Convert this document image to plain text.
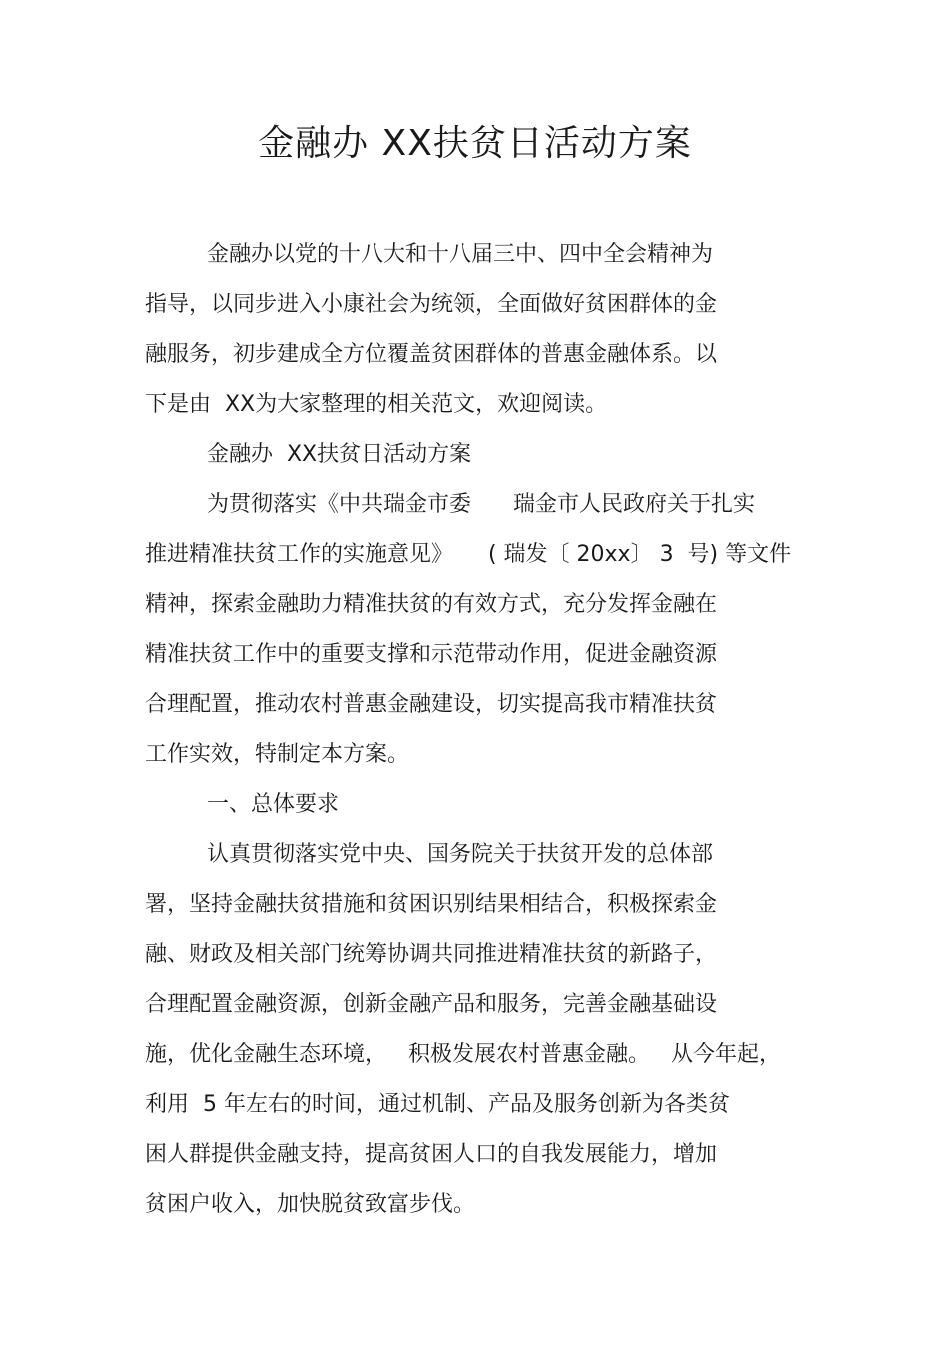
金融办 XX扶贫日活动方案
金融办以党的十八大和十八届三中、四中全会精神为
指导，以同步进入小康社会为统领，全面做好贫困群体的金
融服务，初步建成全方位覆盖贫困群体的普惠金融体系。以
下是由  XX为大家整理的相关范文，欢迎阅读。
金融办  XX扶贫日活动方案
为贯彻落实《中共瑞金市委      瑞金市人民政府关于扎实
推进精准扶贫工作的实施意见》     ( 瑞发〔 20xx〕 3  号) 等文件
精神，探索金融助力精准扶贫的有效方式，充分发挥金融在
精准扶贫工作中的重要支撑和示范带动作用，促进金融资源
合理配置，推动农村普惠金融建设，切实提高我市精准扶贫
工作实效，特制定本方案。
一、总体要求
认真贯彻落实党中央、国务院关于扶贫开发的总体部
署，坚持金融扶贫措施和贫困识别结果相结合，积极探索金
融、财政及相关部门统筹协调共同推进精准扶贫的新路子，
合理配置金融资源，创新金融产品和服务，完善金融基础设
施，优化金融生态环境，   积极发展农村普惠金融。   从今年起，
利用  5 年左右的时间，通过机制、产品及服务创新为各类贫
困人群提供金融支持，提高贫困人口的自我发展能力，增加
贫困户收入，加快脱贫致富步伐。
